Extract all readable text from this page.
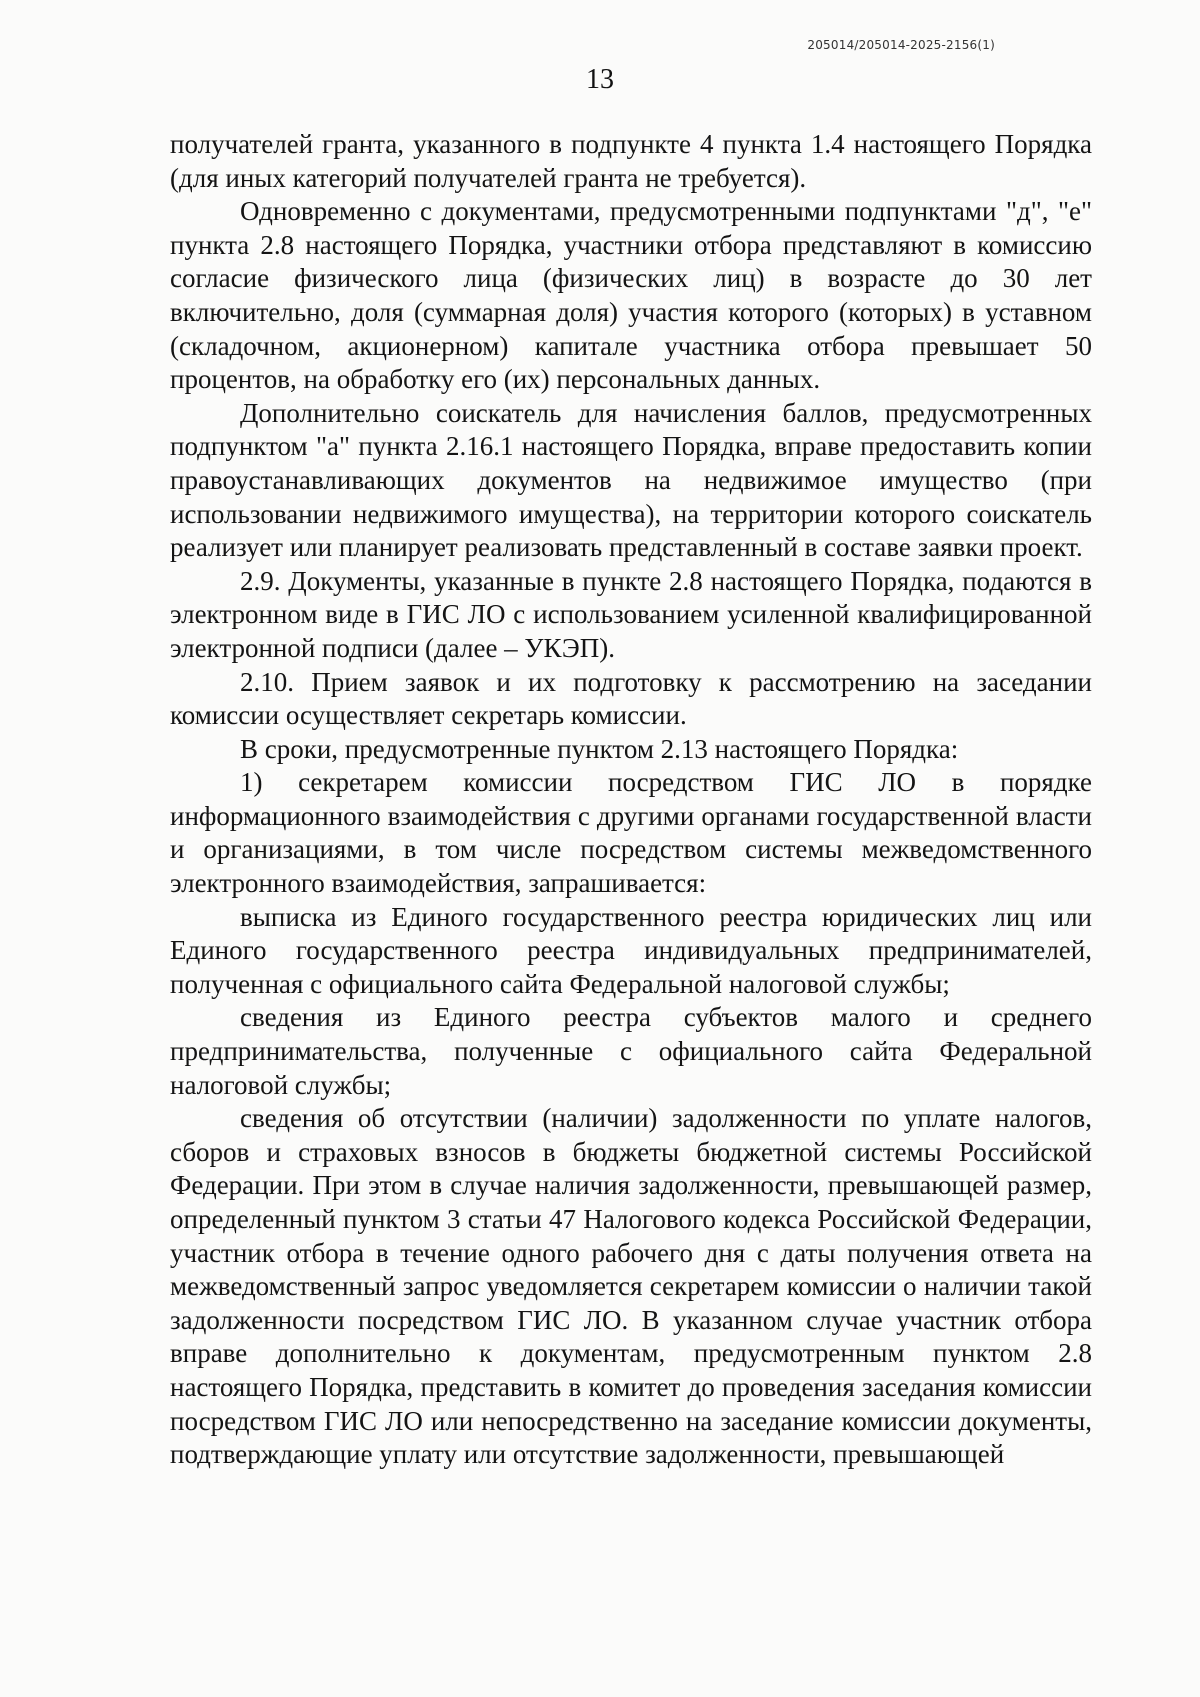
205014/205014-2025-2156(1)
13

получателей гранта, указанного в подпункте 4 пункта 1.4 настоящего Порядка (для иных категорий получателей гранта не требуется).

Одновременно с документами, предусмотренными подпунктами "д", "е" пункта 2.8 настоящего Порядка, участники отбора представляют в комиссию согласие физического лица (физических лиц) в возрасте до 30 лет включительно, доля (суммарная доля) участия которого (которых) в уставном (складочном, акционерном) капитале участника отбора превышает 50 процентов, на обработку его (их) персональных данных.

Дополнительно соискатель для начисления баллов, предусмотренных подпунктом "а" пункта 2.16.1 настоящего Порядка, вправе предоставить копии правоустанавливающих документов на недвижимое имущество (при использовании недвижимого имущества), на территории которого соискатель реализует или планирует реализовать представленный в составе заявки проект.

2.9. Документы, указанные в пункте 2.8 настоящего Порядка, подаются в электронном виде в ГИС ЛО с использованием усиленной квалифицированной электронной подписи (далее – УКЭП).

2.10. Прием заявок и их подготовку к рассмотрению на заседании комиссии осуществляет секретарь комиссии.

В сроки, предусмотренные пунктом 2.13 настоящего Порядка:

1) секретарем комиссии посредством ГИС ЛО в порядке информационного взаимодействия с другими органами государственной власти и организациями, в том числе посредством системы межведомственного электронного взаимодействия, запрашивается:

выписка из Единого государственного реестра юридических лиц или Единого государственного реестра индивидуальных предпринимателей, полученная с официального сайта Федеральной налоговой службы;

сведения из Единого реестра субъектов малого и среднего предпринимательства, полученные с официального сайта Федеральной налоговой службы;

сведения об отсутствии (наличии) задолженности по уплате налогов, сборов и страховых взносов в бюджеты бюджетной системы Российской Федерации. При этом в случае наличия задолженности, превышающей размер, определенный пунктом 3 статьи 47 Налогового кодекса Российской Федерации, участник отбора в течение одного рабочего дня с даты получения ответа на межведомственный запрос уведомляется секретарем комиссии о наличии такой задолженности посредством ГИС ЛО. В указанном случае участник отбора вправе дополнительно к документам, предусмотренным пунктом 2.8 настоящего Порядка, представить в комитет до проведения заседания комиссии посредством ГИС ЛО или непосредственно на заседание комиссии документы, подтверждающие уплату или отсутствие задолженности, превышающей
